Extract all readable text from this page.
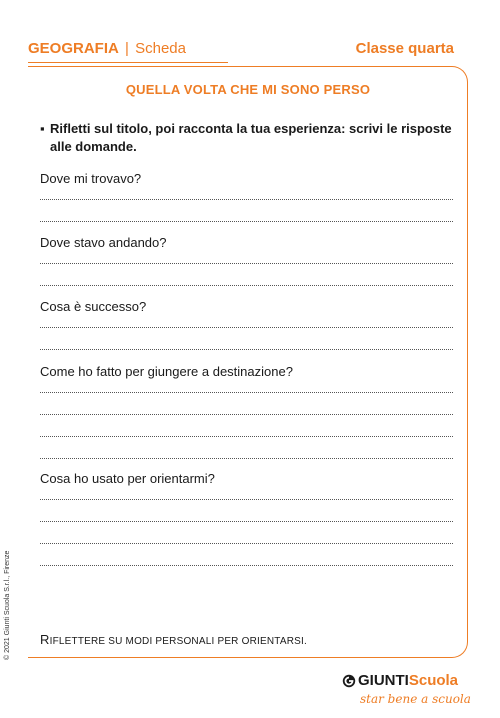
GEOGRAFIA | Scheda	Classe quarta
QUELLA VOLTA CHE MI SONO PERSO
▪ Rifletti sul titolo, poi racconta la tua esperienza: scrivi le risposte alle domande.
Dove mi trovavo?
Dove stavo andando?
Cosa è successo?
Come ho fatto per giungere a destinazione?
Cosa ho usato per orientarmi?
RIFLETTERE SU MODI PERSONALI PER ORIENTARSI.
© 2021 Giunti Scuola S.r.l., Firenze
GIUNTIScuola
star bene a scuola
